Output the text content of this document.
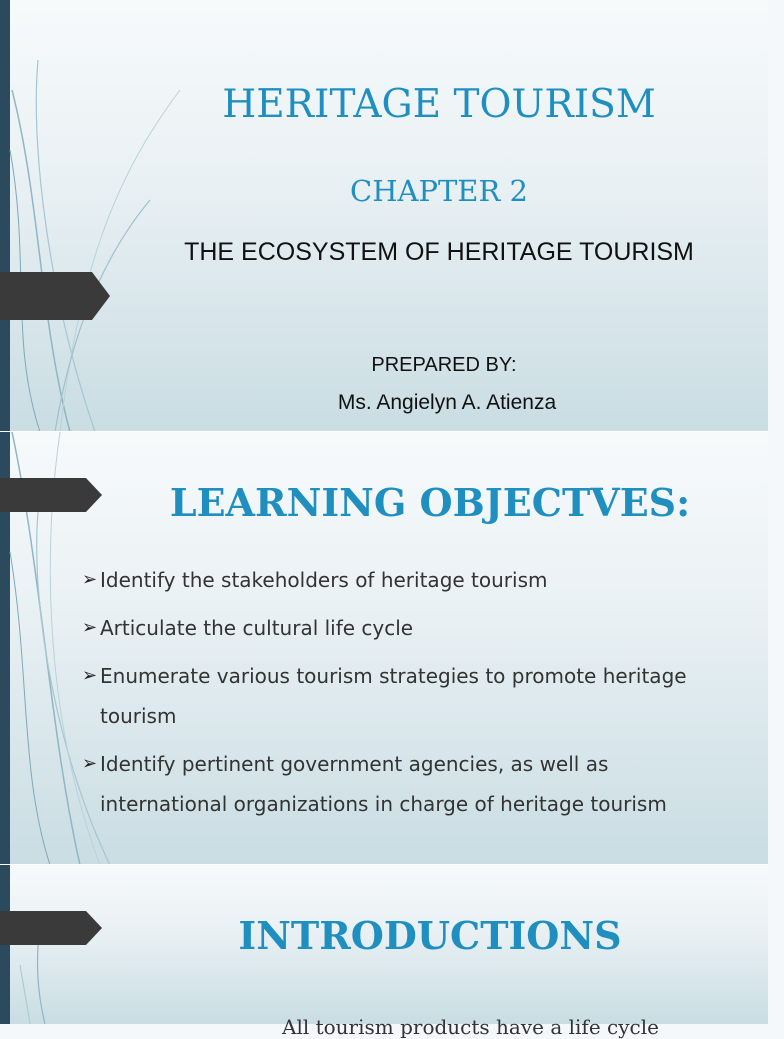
HERITAGE TOURISM
CHAPTER 2
THE ECOSYSTEM OF HERITAGE TOURISM
PREPARED BY:
Ms. Angielyn A. Atienza
LEARNING OBJECTVES:
➢ Identify the stakeholders of heritage tourism
➢ Articulate the cultural life cycle
➢ Enumerate various tourism strategies to promote heritage tourism
➢ Identify pertinent government agencies, as well as international organizations in charge of heritage tourism
INTRODUCTIONS
All tourism products have a life cycle
